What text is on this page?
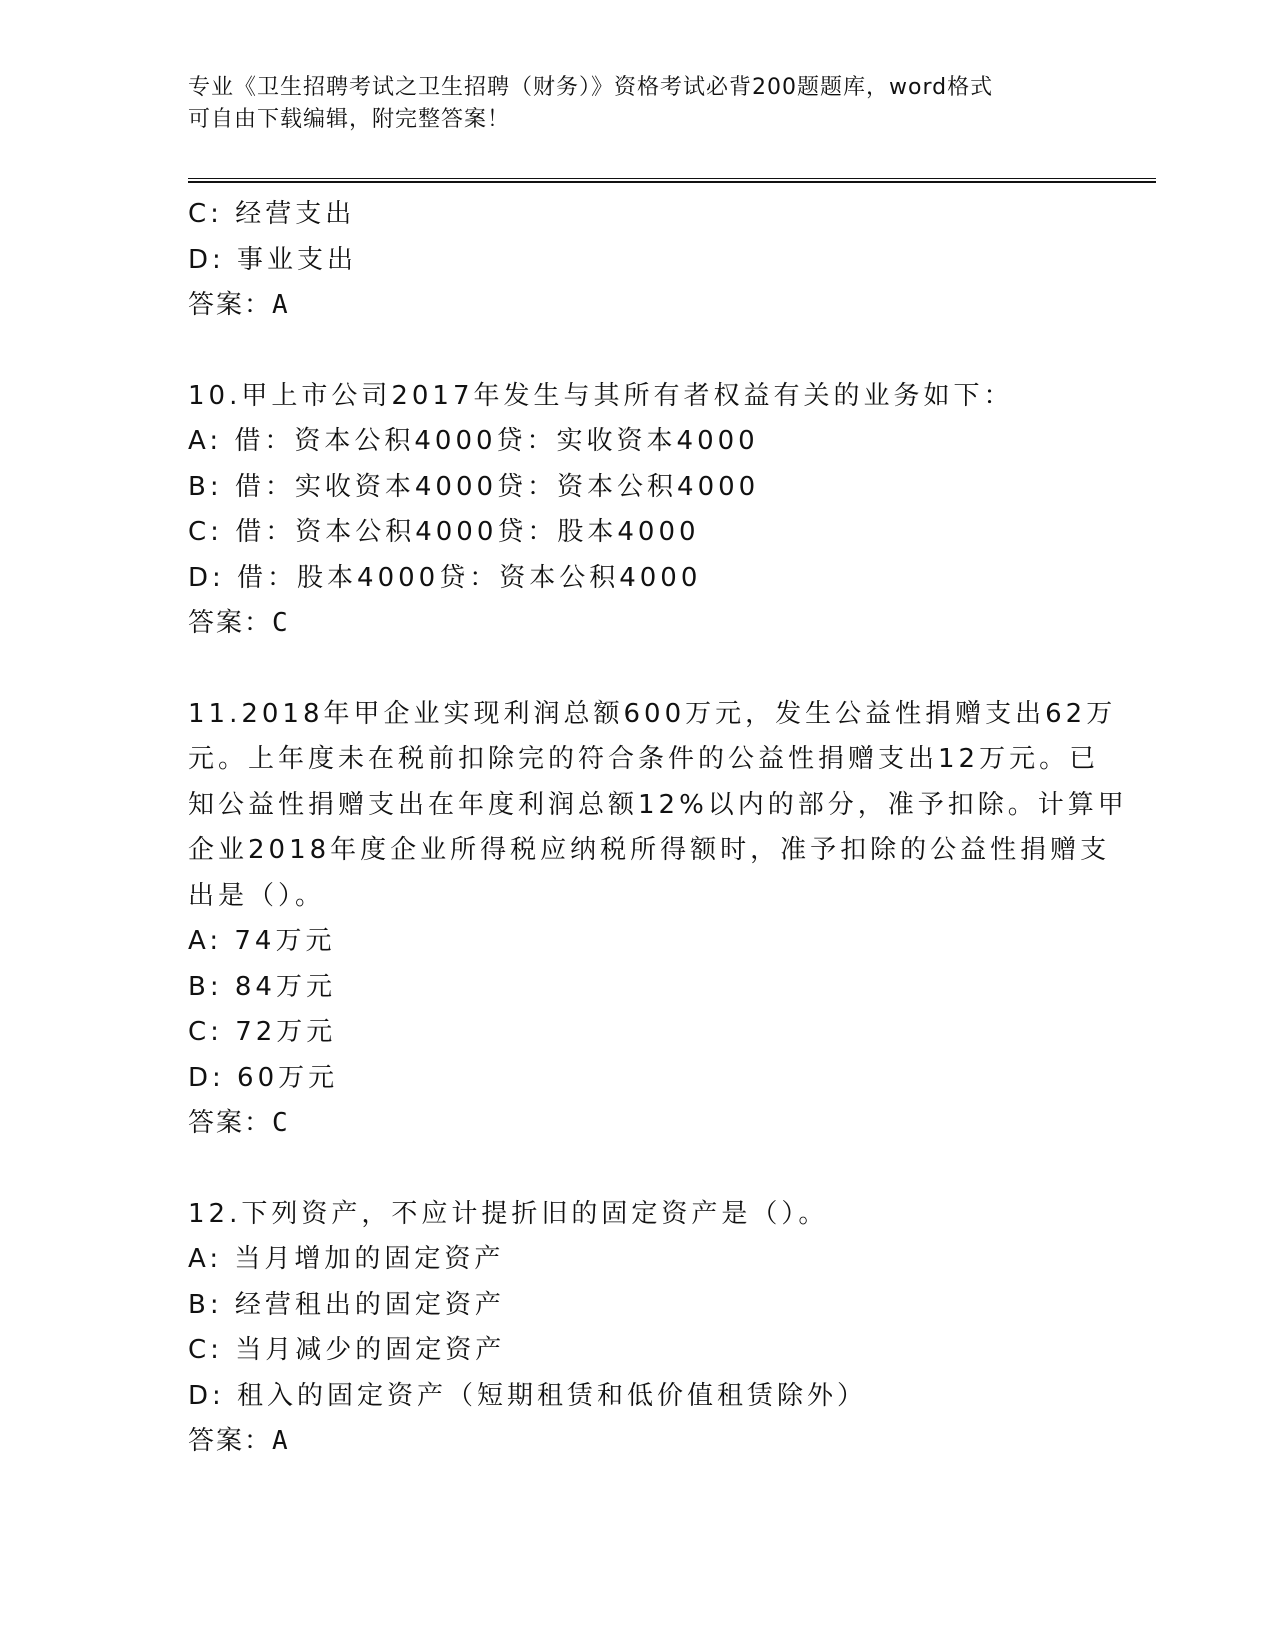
专业《卫生招聘考试之卫生招聘（财务）》资格考试必背200题题库，word格式
可自由下载编辑，附完整答案！
C: 经营支出
D: 事业支出
答案：A
10.甲上市公司2017年发生与其所有者权益有关的业务如下：
A: 借：资本公积4000贷：实收资本4000
B: 借：实收资本4000贷：资本公积4000
C: 借：资本公积4000贷：股本4000
D: 借：股本4000贷：资本公积4000
答案：C
11.2018年甲企业实现利润总额600万元，发生公益性捐赠支出62万
元。上年度未在税前扣除完的符合条件的公益性捐赠支出12万元。已
知公益性捐赠支出在年度利润总额12%以内的部分，准予扣除。计算甲
企业2018年度企业所得税应纳税所得额时，准予扣除的公益性捐赠支
出是（）。
A: 74万元
B: 84万元
C: 72万元
D: 60万元
答案：C
12.下列资产，不应计提折旧的固定资产是（）。
A: 当月增加的固定资产
B: 经营租出的固定资产
C: 当月减少的固定资产
D: 租入的固定资产（短期租赁和低价值租赁除外）
答案：A
